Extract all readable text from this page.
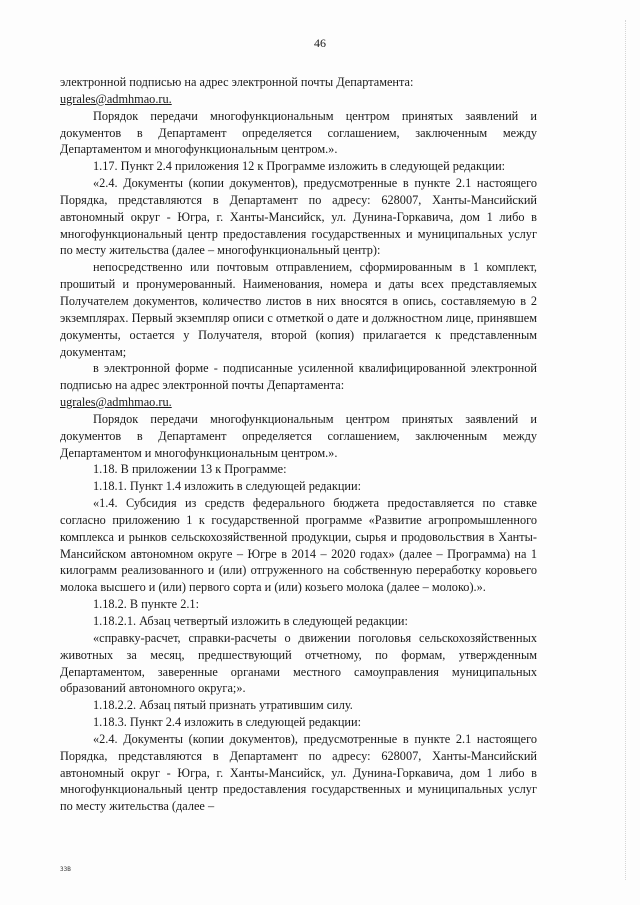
46

электронной подписью на адрес электронной почты Департамента:

ugrales@admhmao.ru.

Порядок передачи многофункциональным центром принятых заявлений и документов в Департамент определяется соглашением, заключенным между Департаментом и многофункциональным центром.».

1.17. Пункт 2.4 приложения 12 к Программе изложить в следующей редакции:

«2.4. Документы (копии документов), предусмотренные в пункте 2.1 настоящего Порядка, представляются в Департамент по адресу: 628007, Ханты-Мансийский автономный округ - Югра, г. Ханты-Мансийск, ул. Дунина-Горкавича, дом 1 либо в многофункциональный центр предоставления государственных и муниципальных услуг по месту жительства (далее – многофункциональный центр):

непосредственно или почтовым отправлением, сформированным в 1 комплект, прошитый и пронумерованный. Наименования, номера и даты всех представляемых Получателем документов, количество листов в них вносятся в опись, составляемую в 2 экземплярах. Первый экземпляр описи с отметкой о дате и должностном лице, принявшем документы, остается у Получателя, второй (копия) прилагается к представленным документам;

в электронной форме - подписанные усиленной квалифицированной электронной подписью на адрес электронной почты Департамента:

ugrales@admhmao.ru.

Порядок передачи многофункциональным центром принятых заявлений и документов в Департамент определяется соглашением, заключенным между Департаментом и многофункциональным центром.».

1.18. В приложении 13 к Программе:

1.18.1. Пункт 1.4 изложить в следующей редакции:

«1.4. Субсидия из средств федерального бюджета предоставляется по ставке согласно приложению 1 к государственной программе «Развитие агропромышленного комплекса и рынков сельскохозяйственной продукции, сырья и продовольствия в Ханты-Мансийском автономном округе – Югре в 2014 – 2020 годах» (далее – Программа) на 1 килограмм реализованного и (или) отгруженного на собственную переработку коровьего молока высшего и (или) первого сорта и (или) козьего молока (далее – молоко).».

1.18.2. В пункте 2.1:

1.18.2.1. Абзац четвертый изложить в следующей редакции:

«справку-расчет, справки-расчеты о движении поголовья сельскохозяйственных животных за месяц, предшествующий отчетному, по формам, утвержденным Департаментом, заверенные органами местного самоуправления муниципальных образований автономного округа;».

1.18.2.2. Абзац пятый признать утратившим силу.

1.18.3. Пункт 2.4 изложить в следующей редакции:

«2.4. Документы (копии документов), предусмотренные в пункте 2.1 настоящего Порядка, представляются в Департамент по адресу: 628007, Ханты-Мансийский автономный округ - Югра, г. Ханты-Мансийск, ул. Дунина-Горкавича, дом 1 либо в многофункциональный центр предоставления государственных и муниципальных услуг по месту жительства (далее –

ЗЗВ
